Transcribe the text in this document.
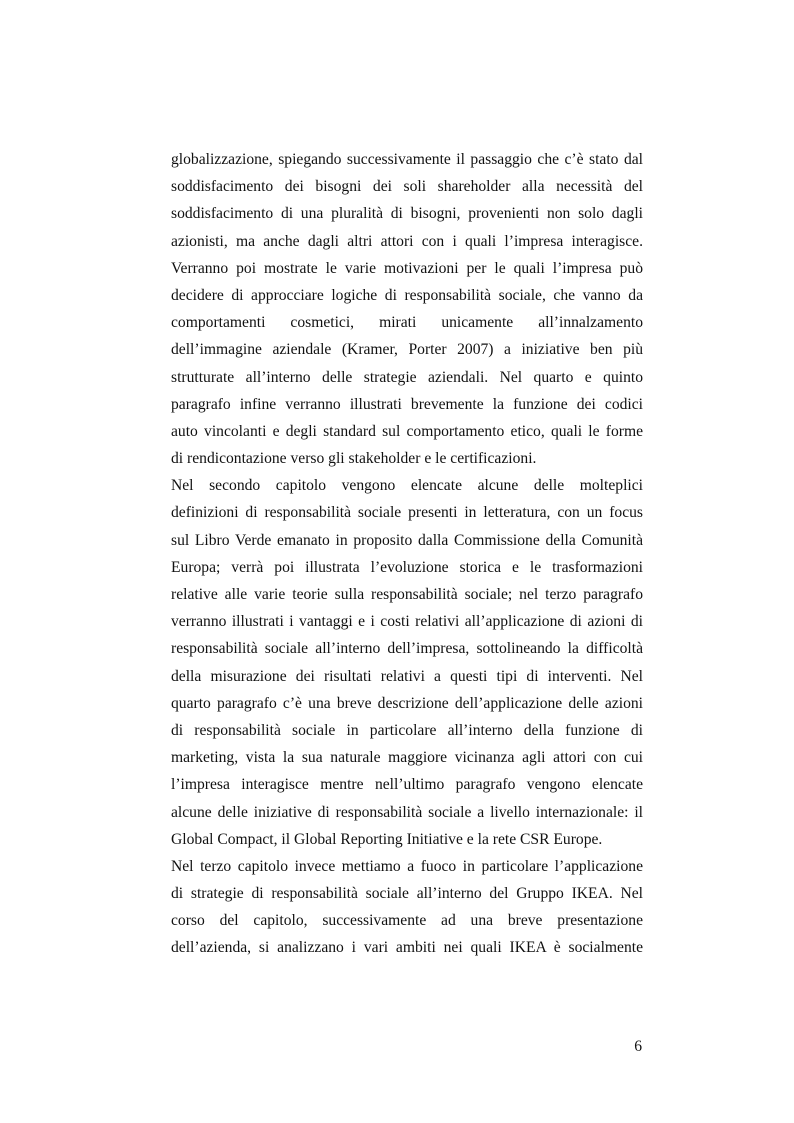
globalizzazione, spiegando successivamente il passaggio che c’è stato dal
soddisfacimento dei bisogni dei soli shareholder alla necessità del
soddisfacimento di una pluralità di bisogni, provenienti non solo dagli
azionisti, ma anche dagli altri attori con i quali l’impresa interagisce.
Verranno poi mostrate le varie motivazioni per le quali l’impresa può
decidere di approcciare logiche di responsabilità sociale, che vanno da
comportamenti cosmetici, mirati unicamente all’innalzamento
dell’immagine aziendale (Kramer, Porter 2007) a iniziative ben più
strutturate all’interno delle strategie aziendali. Nel quarto e quinto
paragrafo infine verranno illustrati brevemente la funzione dei codici
auto vincolanti e degli standard sul comportamento etico, quali le forme
di rendicontazione verso gli stakeholder e le certificazioni.
Nel secondo capitolo vengono elencate alcune delle molteplici
definizioni di responsabilità sociale presenti in letteratura, con un focus
sul Libro Verde emanato in proposito dalla Commissione della Comunità
Europa; verrà poi illustrata l’evoluzione storica e le trasformazioni
relative alle varie teorie sulla responsabilità sociale; nel terzo paragrafo
verranno illustrati i vantaggi e i costi relativi all’applicazione di azioni di
responsabilità sociale all’interno dell’impresa, sottolineando la difficoltà
della misurazione dei risultati relativi a questi tipi di interventi. Nel
quarto paragrafo c’è una breve descrizione dell’applicazione delle azioni
di responsabilità sociale in particolare all’interno della funzione di
marketing, vista la sua naturale maggiore vicinanza agli attori con cui
l’impresa interagisce mentre nell’ultimo paragrafo vengono elencate
alcune delle iniziative di responsabilità sociale a livello internazionale: il
Global Compact, il Global Reporting Initiative e la rete CSR Europe.
Nel terzo capitolo invece mettiamo a fuoco in particolare l’applicazione
di strategie di responsabilità sociale all’interno del Gruppo IKEA. Nel
corso del capitolo, successivamente ad una breve presentazione
dell’azienda, si analizzano i vari ambiti nei quali IKEA è socialmente
6
